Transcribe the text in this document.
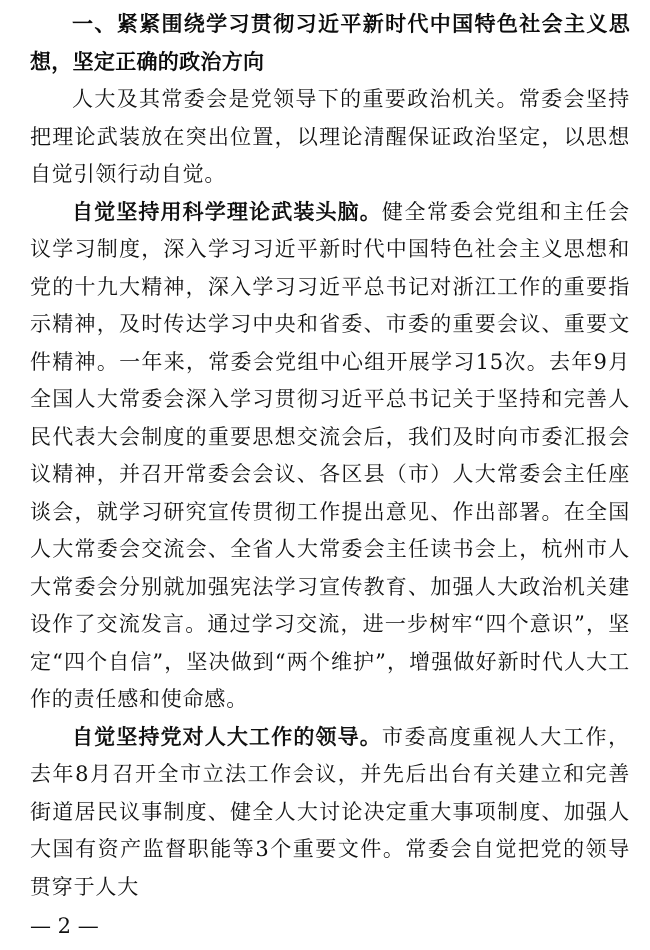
一、紧紧围绕学习贯彻习近平新时代中国特色社会主义思想，坚定正确的政治方向

人大及其常委会是党领导下的重要政治机关。常委会坚持把理论武装放在突出位置，以理论清醒保证政治坚定，以思想自觉引领行动自觉。

自觉坚持用科学理论武装头脑。健全常委会党组和主任会议学习制度，深入学习习近平新时代中国特色社会主义思想和党的十九大精神，深入学习习近平总书记对浙江工作的重要指示精神，及时传达学习中央和省委、市委的重要会议、重要文件精神。一年来，常委会党组中心组开展学习15次。去年9月全国人大常委会深入学习贯彻习近平总书记关于坚持和完善人民代表大会制度的重要思想交流会后，我们及时向市委汇报会议精神，并召开常委会会议、各区县（市）人大常委会主任座谈会，就学习研究宣传贯彻工作提出意见、作出部署。在全国人大常委会交流会、全省人大常委会主任读书会上，杭州市人大常委会分别就加强宪法学习宣传教育、加强人大政治机关建设作了交流发言。通过学习交流，进一步树牢“四个意识”，坚定“四个自信”，坚决做到“两个维护”，增强做好新时代人大工作的责任感和使命感。

自觉坚持党对人大工作的领导。市委高度重视人大工作，去年8月召开全市立法工作会议，并先后出台有关建立和完善街道居民议事制度、健全人大讨论决定重大事项制度、加强人大国有资产监督职能等3个重要文件。常委会自觉把党的领导贯穿于人大

— 2 —
